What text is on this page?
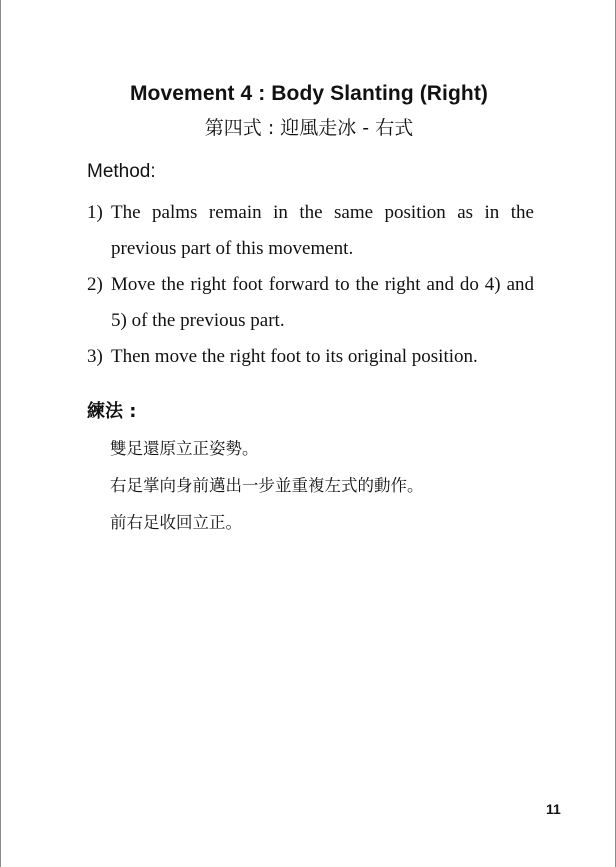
Movement 4 : Body Slanting (Right)
第四式 : 迎風走冰 - 右式
Method:
1) The palms remain in the same position as in the previous part of this movement.
2) Move the right foot forward to the right and do 4) and 5) of the previous part.
3) Then move the right foot to its original position.
練法 :
雙足還原立正姿勢。
右足掌向身前邁出一步並重複左式的動作。
前右足收回立正。
11
